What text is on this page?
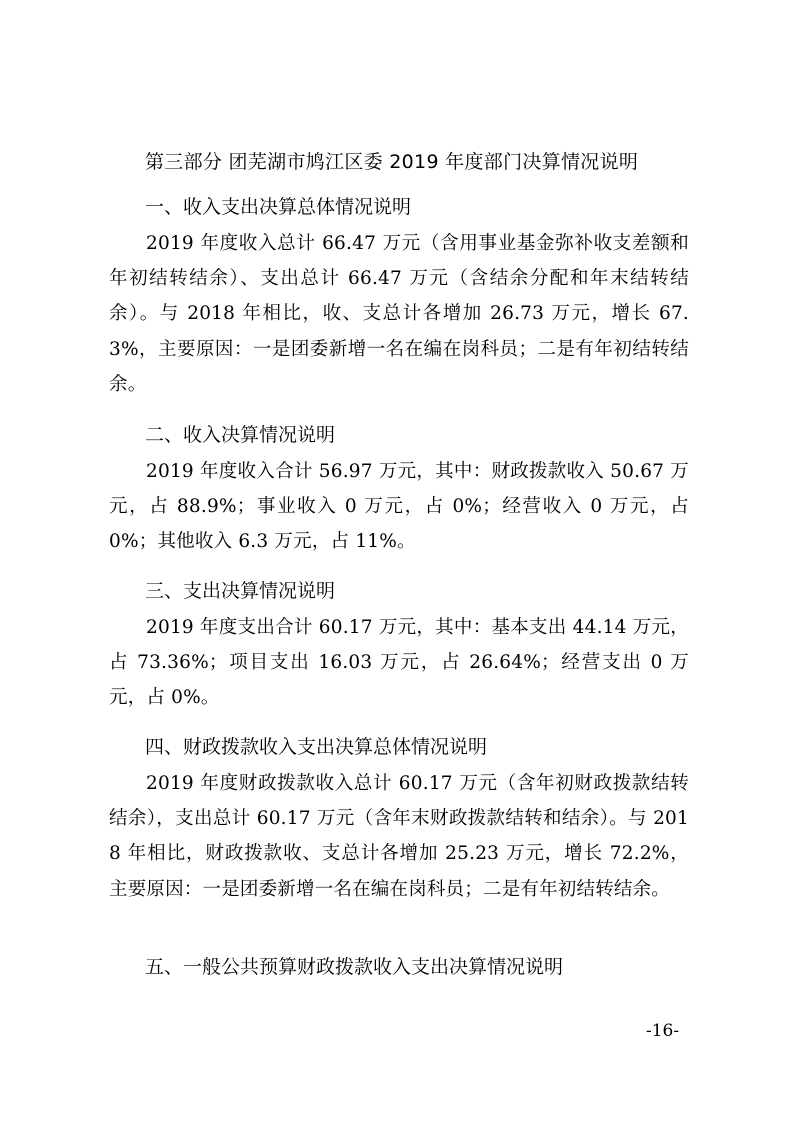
第三部分 团芜湖市鸠江区委 2019 年度部门决算情况说明
一、收入支出决算总体情况说明

2019 年度收入总计 66.47 万元（含用事业基金弥补收支差额和年初结转结余）、支出总计 66.47 万元（含结余分配和年末结转结余）。与 2018 年相比，收、支总计各增加 26.73 万元，增长 67.3%，主要原因：一是团委新增一名在编在岗科员；二是有年初结转结余。

二、收入决算情况说明

2019 年度收入合计 56.97 万元，其中：财政拨款收入 50.67 万元，占 88.9%；事业收入 0 万元，占 0%；经营收入 0 万元，占 0%；其他收入 6.3 万元，占 11%。

三、支出决算情况说明

2019 年度支出合计 60.17 万元，其中：基本支出 44.14 万元，占 73.36%；项目支出 16.03 万元，占 26.64%；经营支出 0 万元，占 0%。

四、财政拨款收入支出决算总体情况说明

2019 年度财政拨款收入总计 60.17 万元（含年初财政拨款结转结余），支出总计 60.17 万元（含年末财政拨款结转和结余）。与 2018 年相比，财政拨款收、支总计各增加 25.23 万元，增长 72.2%，主要原因：一是团委新增一名在编在岗科员；二是有年初结转结余。

五、一般公共预算财政拨款收入支出决算情况说明
-16-
